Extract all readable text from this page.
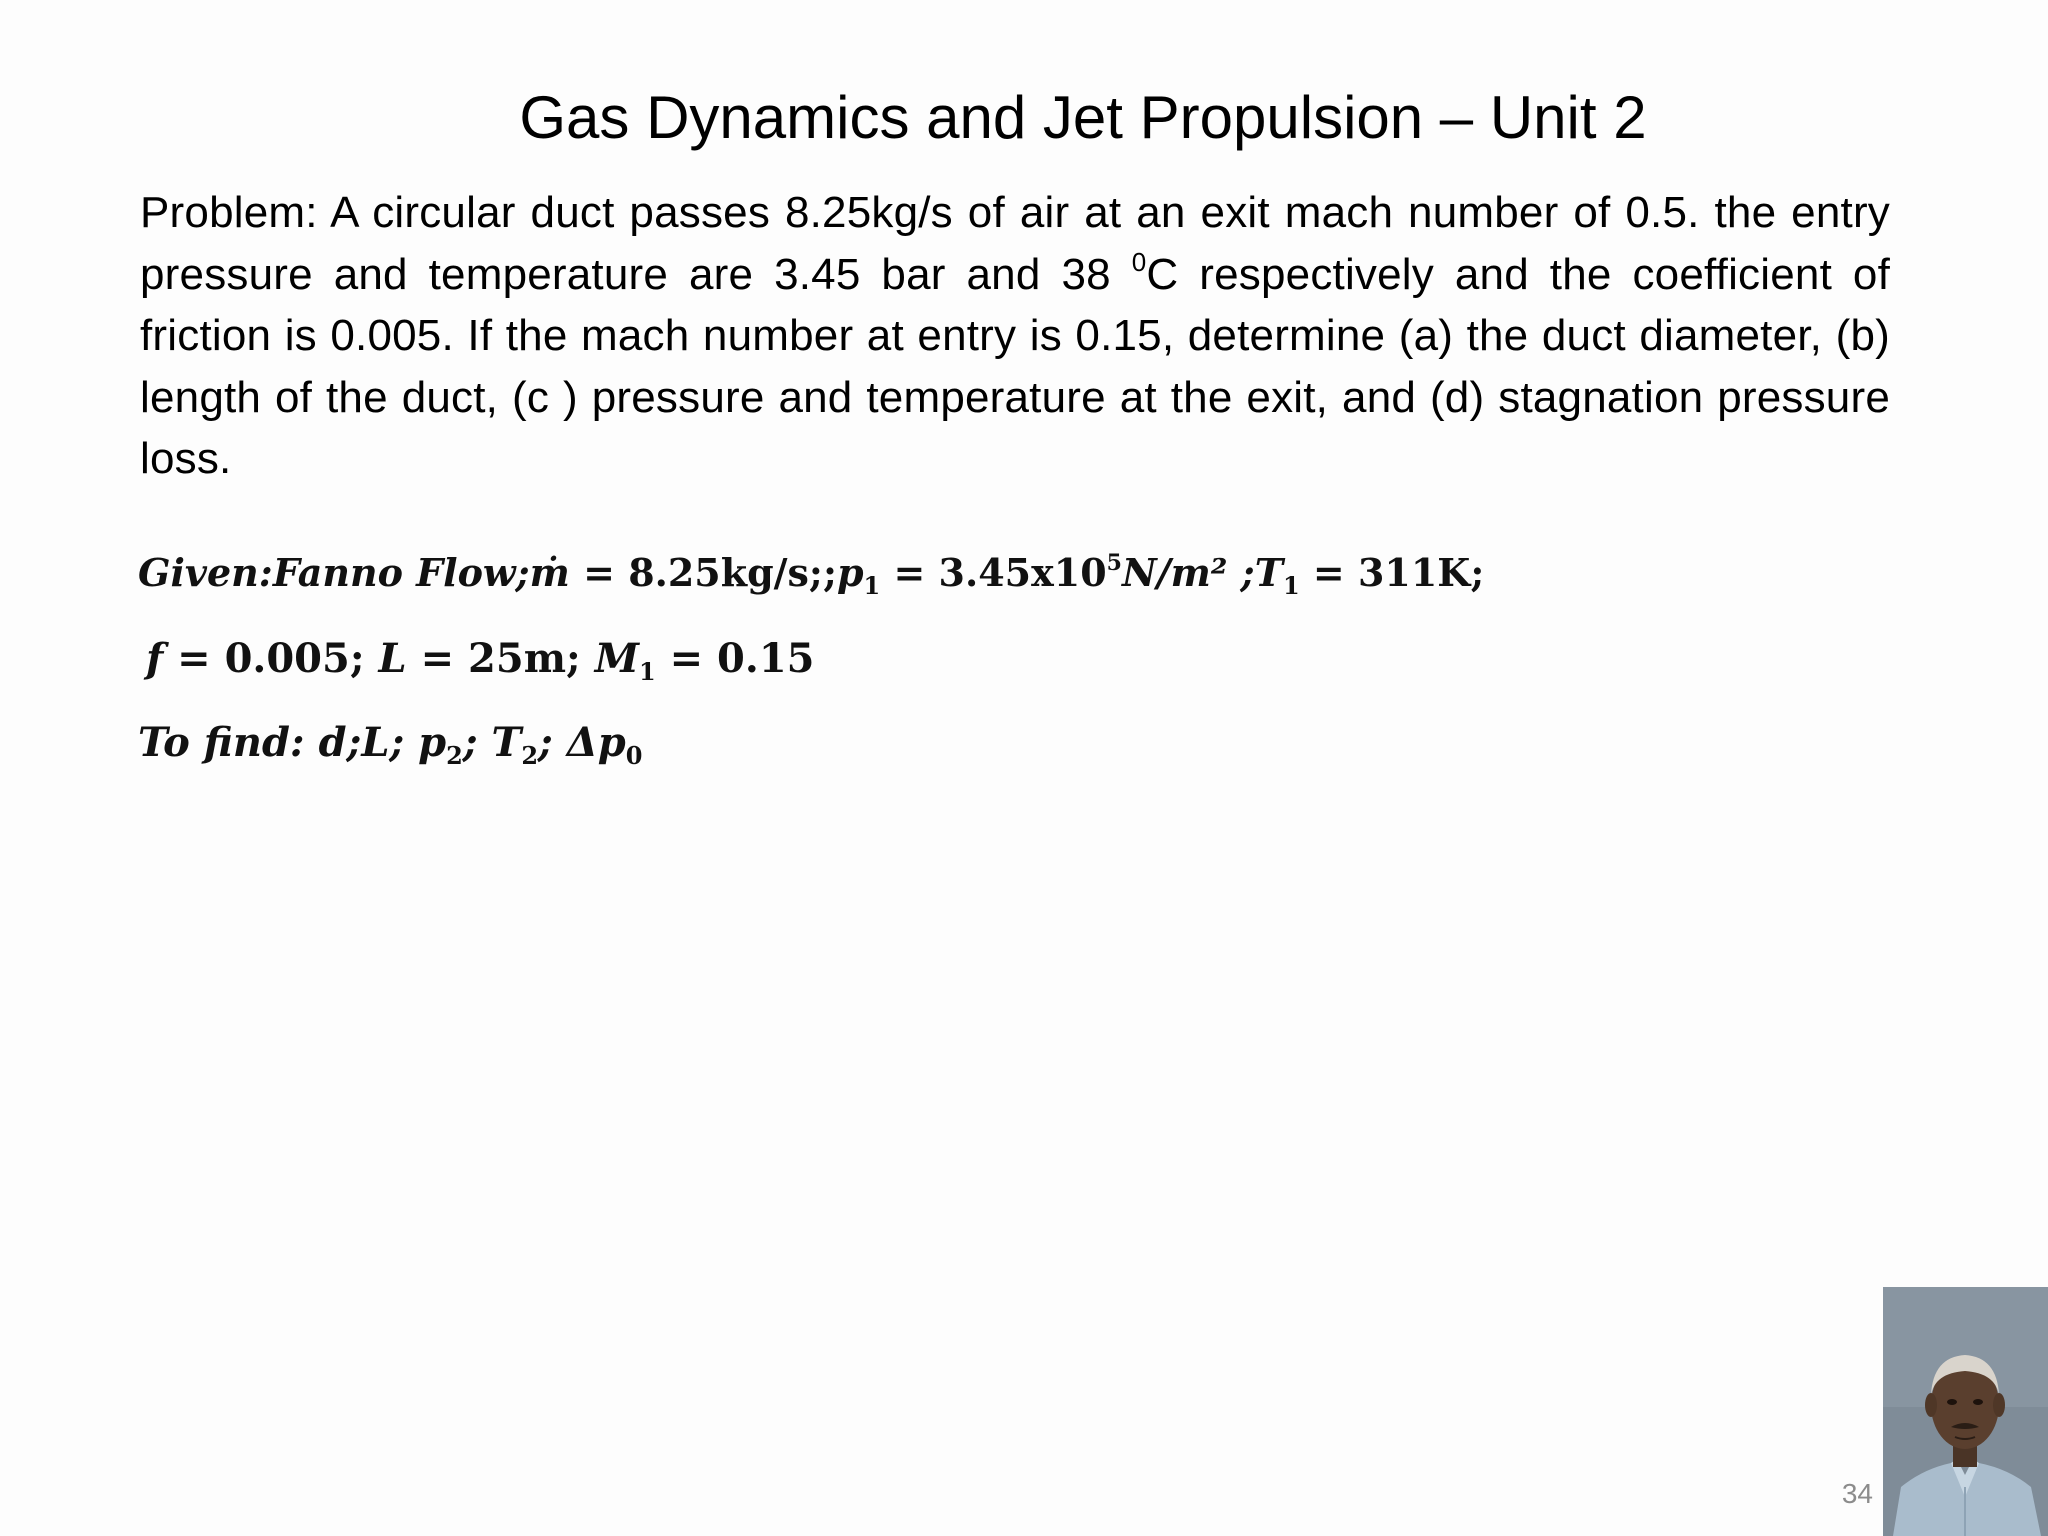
Gas Dynamics and Jet Propulsion – Unit 2
Problem: A circular duct passes 8.25kg/s of air at an exit mach number of 0.5. the entry pressure and temperature are 3.45 bar and 38 $^0$C respectively and the coefficient of friction is 0.005. If the mach number at entry is 0.15, determine (a) the duct diameter, (b) length of the duct, (c ) pressure and temperature at the exit, and (d) stagnation pressure loss.
Given:Fanno Flow;ṁ = $8.25kg/s;;p_1 = 3.45x10^5N/m^2$ $;T_1 = 311K$;
f = 0.005; L = 25m; $M_1 = 0.15$
To find: d;L; $p_2$; $T_2$; $\Delta p_0$
34
